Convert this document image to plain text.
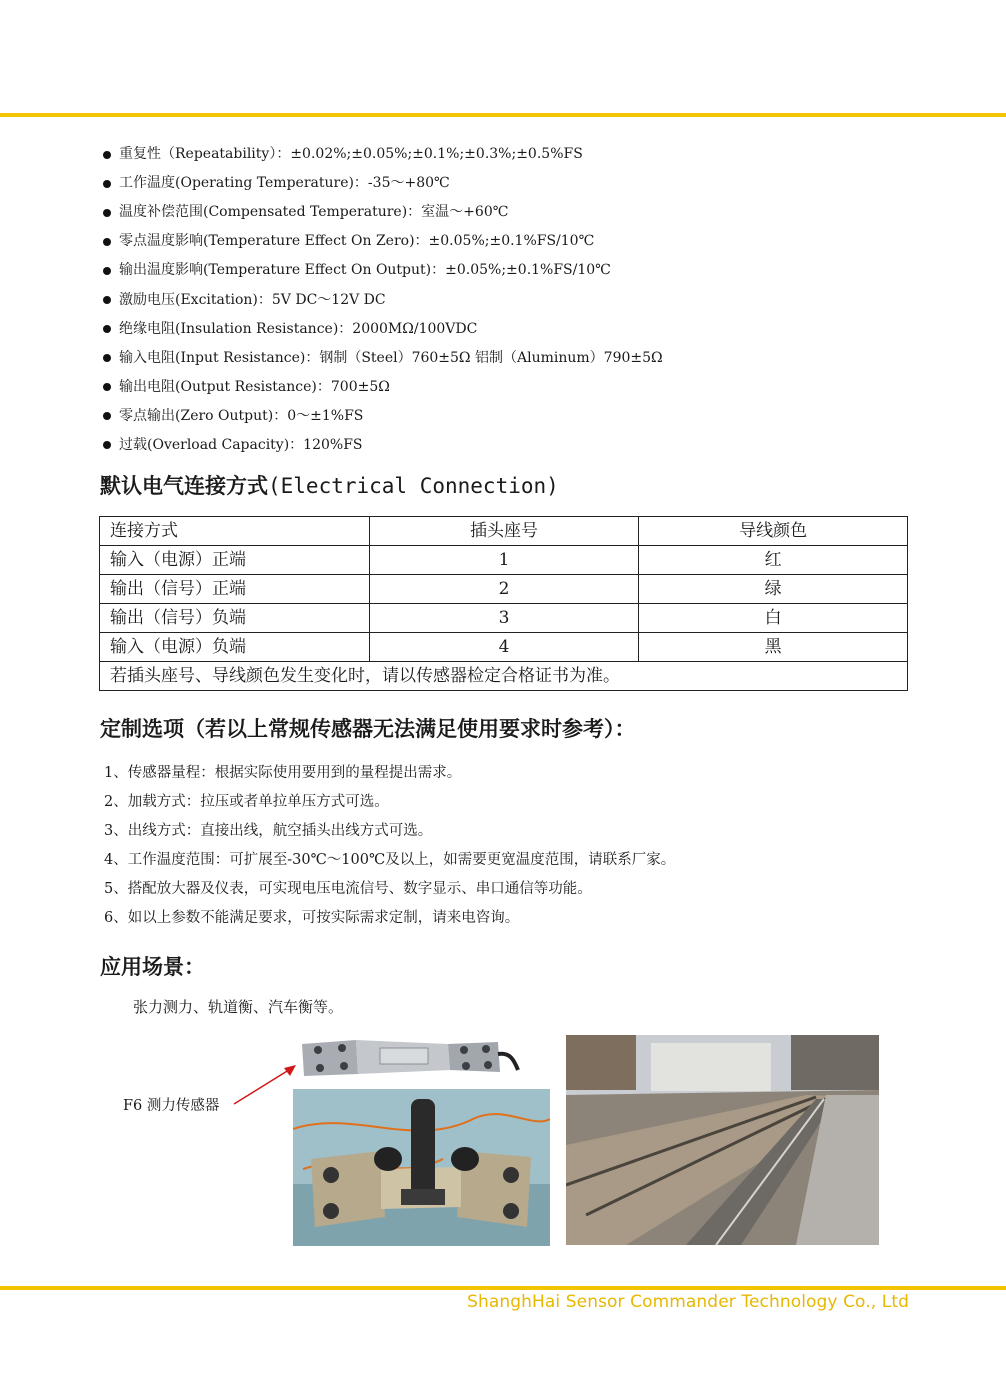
重复性（Repeatability）：±0.02%;±0.05%;±0.1%;±0.3%;±0.5%FS
工作温度(Operating Temperature)：-35～+80℃
温度补偿范围(Compensated Temperature)：室温～+60℃
零点温度影响(Temperature Effect On Zero)：±0.05%;±0.1%FS/10℃
输出温度影响(Temperature Effect On Output)：±0.05%;±0.1%FS/10℃
激励电压(Excitation)：5V DC～12V DC
绝缘电阻(Insulation Resistance)：2000MΩ/100VDC
输入电阻(Input Resistance)：钢制（Steel）760±5Ω 铝制（Aluminum）790±5Ω
输出电阻(Output Resistance)：700±5Ω
零点输出(Zero Output)：0～±1%FS
过载(Overload Capacity)：120%FS
默认电气连接方式(Electrical Connection)
连接方式	插头座号	导线颜色
输入（电源）正端	1	红
输出（信号）正端	2	绿
输出（信号）负端	3	白
输入（电源）负端	4	黑
若插头座号、导线颜色发生变化时，请以传感器检定合格证书为准。		
定制选项（若以上常规传感器无法满足使用要求时参考）：
1、传感器量程：根据实际使用要用到的量程提出需求。
2、加载方式：拉压或者单拉单压方式可选。
3、出线方式：直接出线，航空插头出线方式可选。
4、工作温度范围：可扩展至-30℃～100℃及以上，如需要更宽温度范围，请联系厂家。
5、搭配放大器及仪表，可实现电压电流信号、数字显示、串口通信等功能。
6、如以上参数不能满足要求，可按实际需求定制，请来电咨询。
应用场景：
张力测力、轨道衡、汽车衡等。
F6 测力传感器
ShanghHai Sensor Commander Technology Co., Ltd
